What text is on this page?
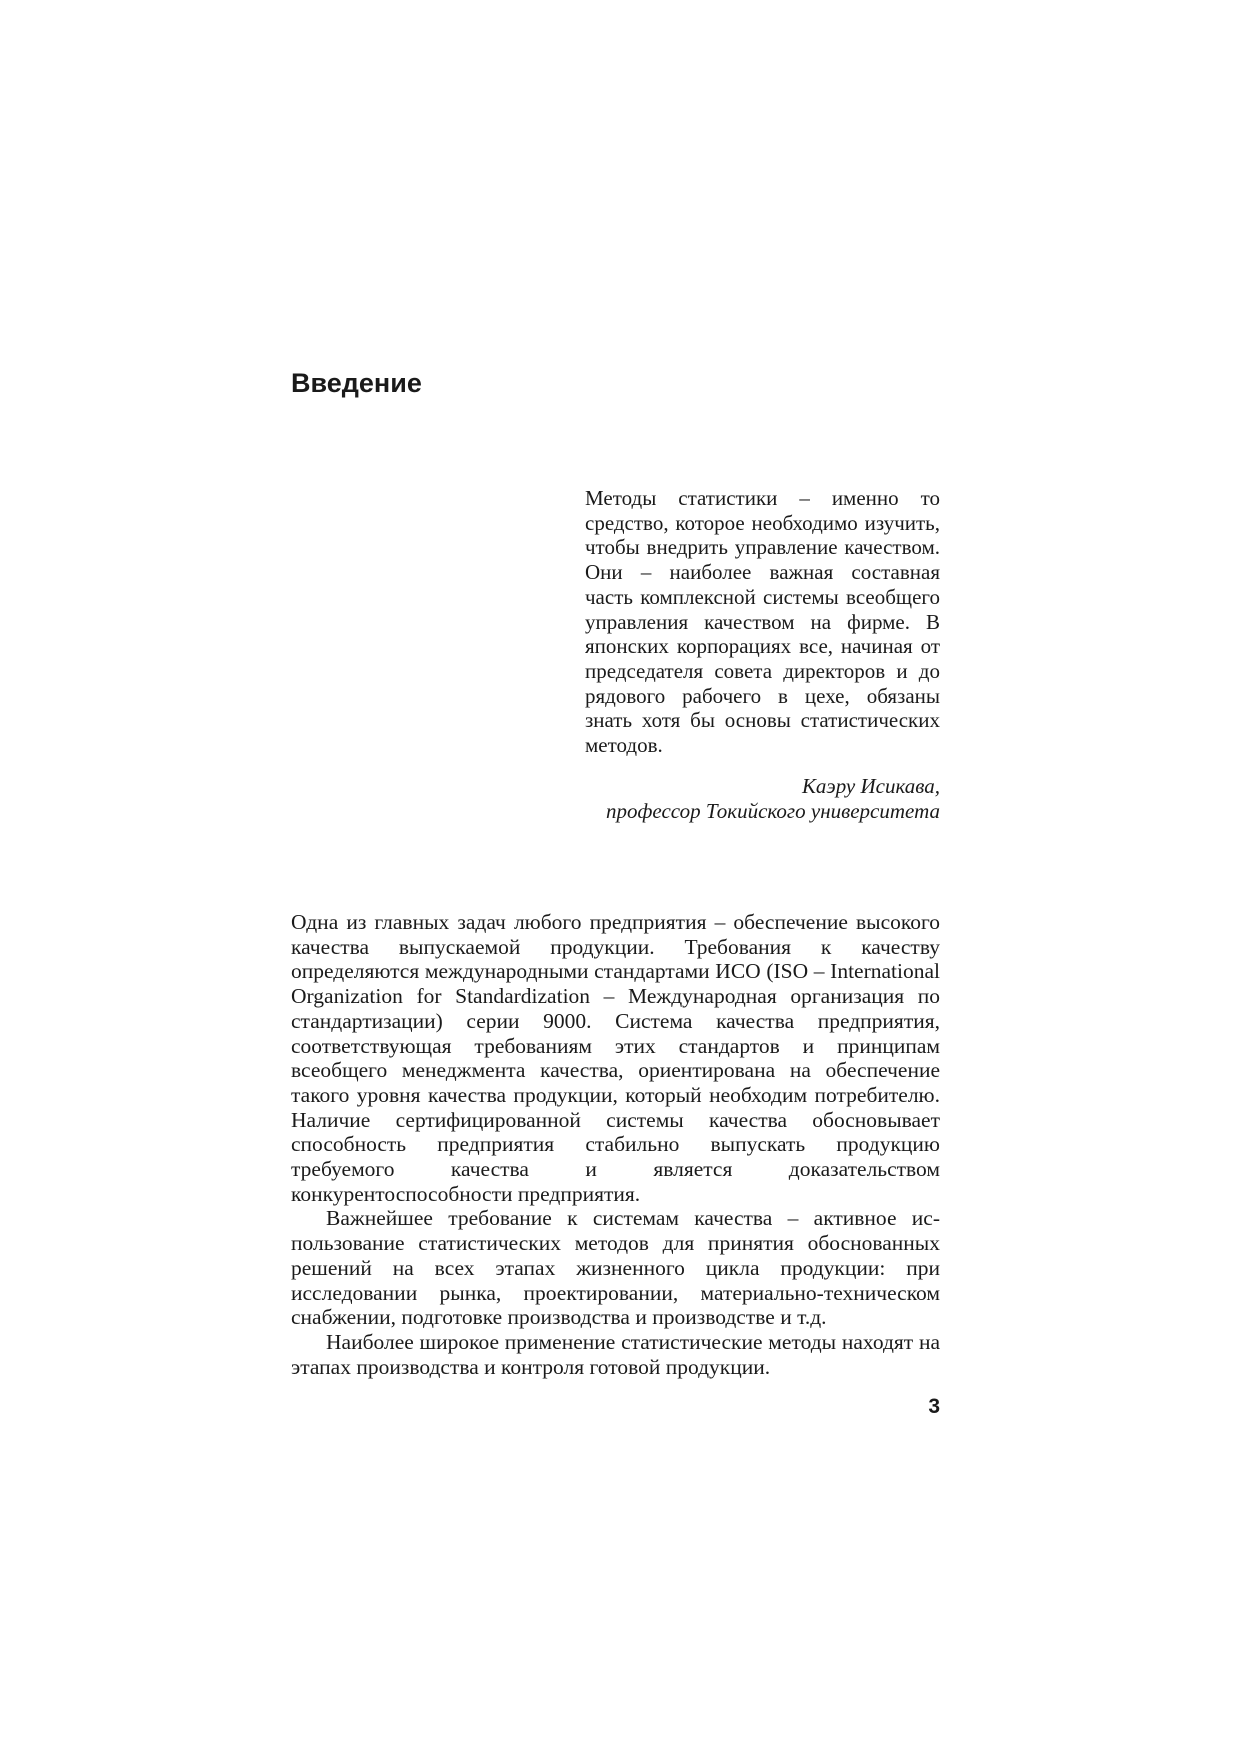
Введение

Методы статистики – именно то средство, которое необходимо изучить, чтобы внедрить управление качеством. Они – наиболее важная составная часть комплексной системы всеобщего управления качеством на фирме. В японских корпорациях все, начиная от председателя совета директоров и до рядового рабочего в цехе, обязаны знать хотя бы основы статистических методов.

Каэру Исикава,
профессор Токийского университета

Одна из главных задач любого предприятия – обеспечение высокого качества выпускаемой продукции. Требования к качеству определяются международными стандартами ИСО (ISO – International Organization for Standardization – Международная организация по стандартизации) серии 9000. Система качества предприятия, соответствующая требованиям этих стандартов и принципам всеобщего менеджмента качества, ориентирована на обеспечение такого уровня качества продукции, который необходим потребителю. Наличие сертифицированной системы качества обосновывает способность предприятия стабильно выпускать продукцию требуемого качества и является доказательством конкурентоспособности предприятия.

Важнейшее требование к системам качества – активное использование статистических методов для принятия обоснованных решений на всех этапах жизненного цикла продукции: при исследовании рынка, проектировании, материально-техническом снабжении, подготовке производства и производстве и т.д.

Наиболее широкое применение статистические методы находят на этапах производства и контроля готовой продукции.

3
